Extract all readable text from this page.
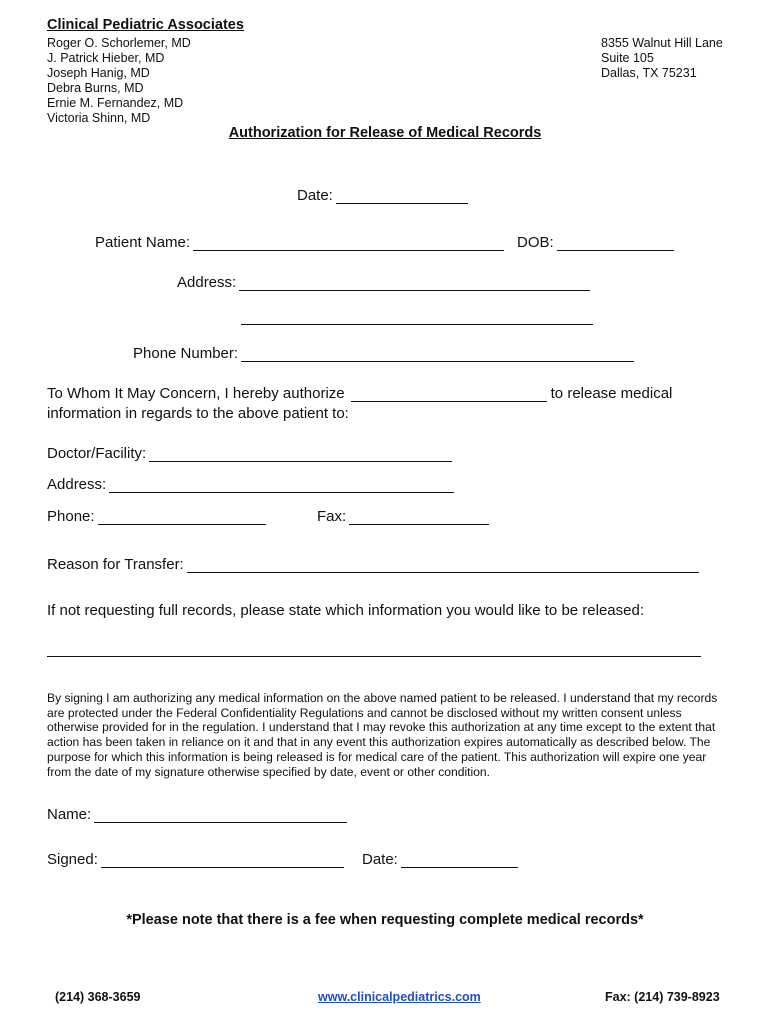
Clinical Pediatric Associates
Roger O. Schorlemer, MD
J. Patrick Hieber, MD
Joseph Hanig, MD
Debra Burns, MD
Ernie M. Fernandez, MD
Victoria Shinn, MD
8355 Walnut Hill Lane
Suite 105
Dallas, TX 75231
Authorization for Release of Medical Records
Date:
Patient Name:	DOB:
Address:
Phone Number:
To Whom It May Concern, I hereby authorize	to release medical
information in regards to the above patient to:
Doctor/Facility:
Address:
Phone:	Fax:
Reason for Transfer:
If not requesting full records, please state which information you would like to be released:
By signing I am authorizing any medical information on the above named patient to be released. I understand that my records are protected under the Federal Confidentiality Regulations and cannot be disclosed without my written consent unless otherwise provided for in the regulation. I understand that I may revoke this authorization at any time except to the extent that action has been taken in reliance on it and that in any event this authorization expires automatically as described below. The purpose for which this information is being released is for medical care of the patient. This authorization will expire one year from the date of my signature otherwise specified by date, event or other condition.
Name:
Signed:	Date:
*Please note that there is a fee when requesting complete medical records*
(214) 368-3659	www.clinicalpediatrics.com	Fax: (214) 739-8923
